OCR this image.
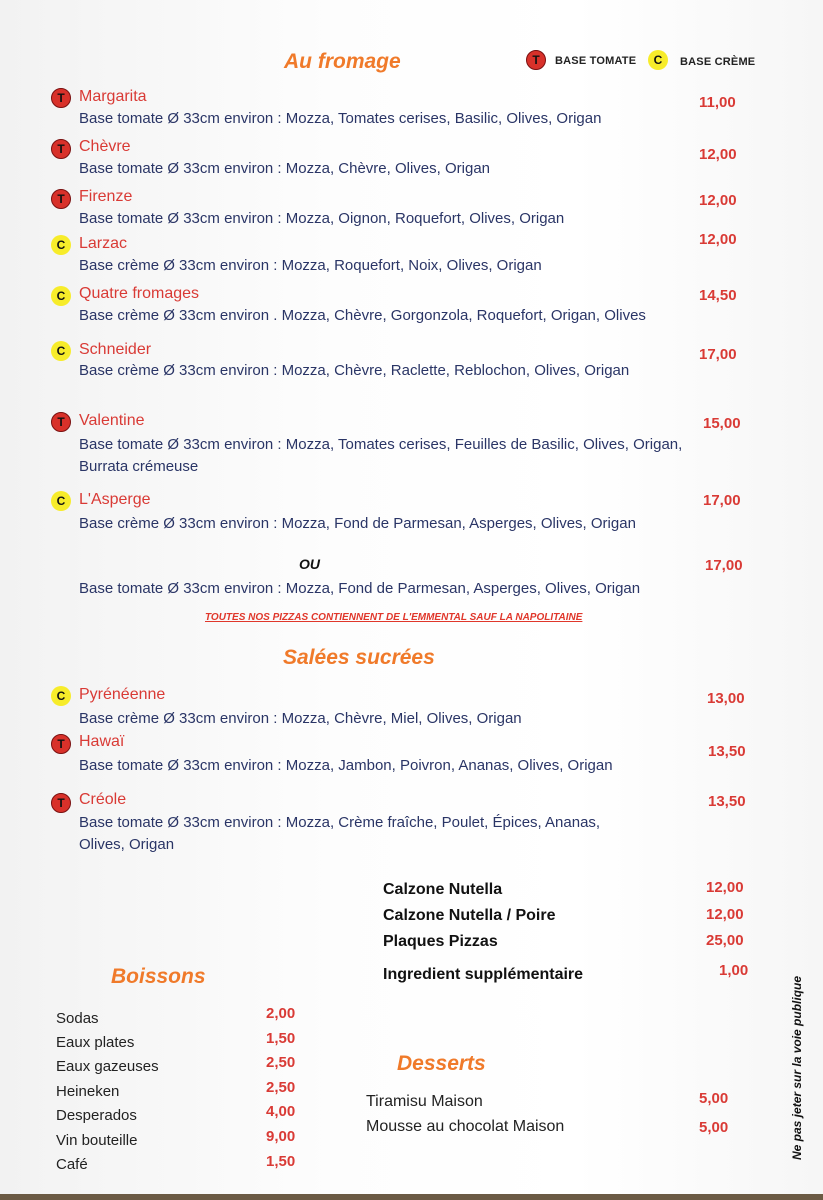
Au fromage	T	BASE TOMATE	C	BASE CRÈME
T Margarita
Base tomate Ø 33cm environ : Mozza, Tomates cerises, Basilic, Olives, Origan
11,00
T Chèvre
Base tomate Ø 33cm environ : Mozza, Chèvre, Olives, Origan
12,00
T Firenze
Base tomate Ø 33cm environ : Mozza, Oignon, Roquefort, Olives, Origan
12,00
C Larzac
Base crème Ø 33cm environ : Mozza, Roquefort, Noix, Olives, Origan
12,00
C Quatre fromages
Base crème Ø 33cm environ . Mozza, Chèvre, Gorgonzola, Roquefort, Origan, Olives
14,50
C Schneider
Base crème Ø 33cm environ : Mozza, Chèvre, Raclette, Reblochon, Olives, Origan
17,00
T Valentine
Base tomate Ø 33cm environ : Mozza, Tomates cerises, Feuilles de Basilic, Olives, Origan,
Burrata crémeuse
15,00
C L'Asperge
Base crème Ø 33cm environ : Mozza, Fond de Parmesan, Asperges, Olives, Origan
17,00
OU
Base tomate Ø 33cm environ : Mozza, Fond de Parmesan, Asperges, Olives, Origan
17,00
TOUTES NOS PIZZAS CONTIENNENT DE L'EMMENTAL SAUF LA NAPOLITAINE
Salées sucrées
C Pyrénéenne
Base crème Ø 33cm environ : Mozza, Chèvre, Miel, Olives, Origan
13,00
T Hawaï
Base tomate Ø 33cm environ : Mozza, Jambon, Poivron, Ananas, Olives, Origan
13,50
T Créole
Base tomate Ø 33cm environ : Mozza, Crème fraîche, Poulet, Épices, Ananas,
Olives, Origan
13,50
Calzone Nutella	12,00
Calzone Nutella / Poire	12,00
Plaques Pizzas	25,00
Ingredient supplémentaire	1,00
Boissons
Sodas	2,00
Eaux plates	1,50
Eaux gazeuses	2,50
Heineken	2,50
Desperados	4,00
Vin bouteille	9,00
Café	1,50
Desserts
Tiramisu Maison	5,00
Mousse au chocolat Maison	5,00	Ne pas jeter sur la voie publique
